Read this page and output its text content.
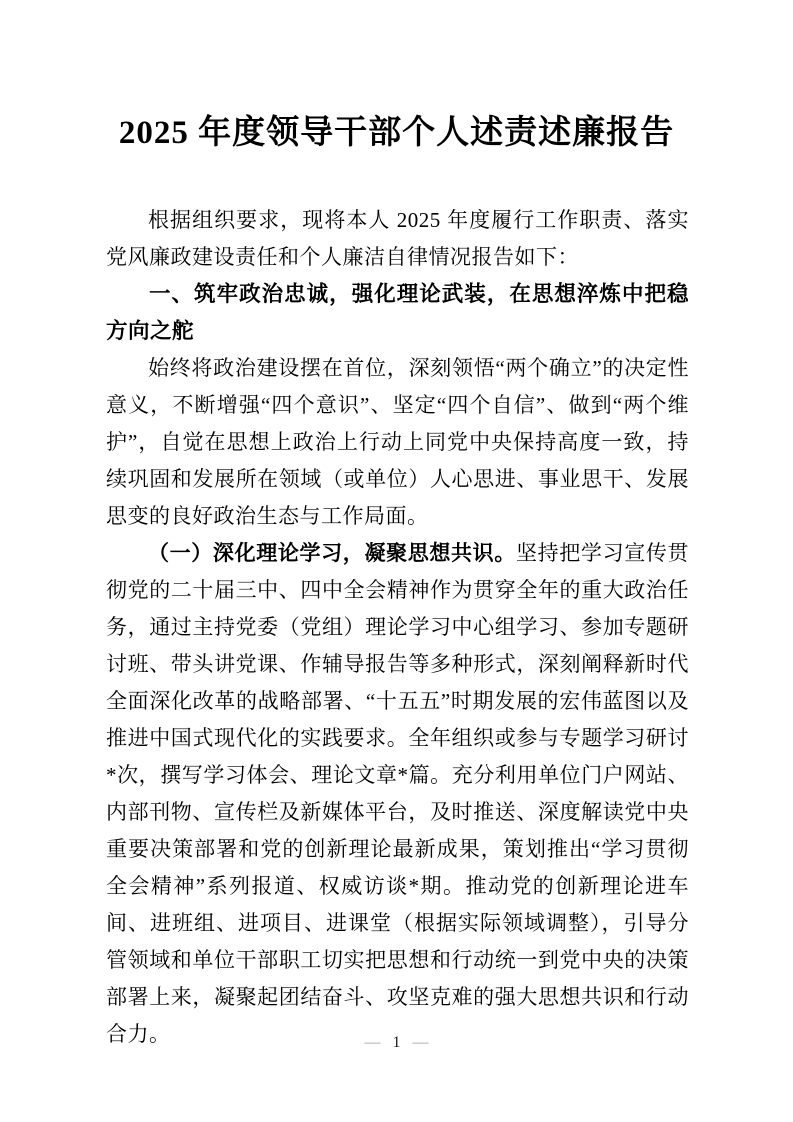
2025 年度领导干部个人述责述廉报告

根据组织要求，现将本人 2025 年度履行工作职责、落实党风廉政建设责任和个人廉洁自律情况报告如下：

一、筑牢政治忠诚，强化理论武装，在思想淬炼中把稳方向之舵

始终将政治建设摆在首位，深刻领悟“两个确立”的决定性意义，不断增强“四个意识”、坚定“四个自信”、做到“两个维护”，自觉在思想上政治上行动上同党中央保持高度一致，持续巩固和发展所在领域（或单位）人心思进、事业思干、发展思变的良好政治生态与工作局面。

（一）深化理论学习，凝聚思想共识。坚持把学习宣传贯彻党的二十届三中、四中全会精神作为贯穿全年的重大政治任务，通过主持党委（党组）理论学习中心组学习、参加专题研讨班、带头讲党课、作辅导报告等多种形式，深刻阐释新时代全面深化改革的战略部署、“十五五”时期发展的宏伟蓝图以及推进中国式现代化的实践要求。全年组织或参与专题学习研讨*次，撰写学习体会、理论文章*篇。充分利用单位门户网站、内部刊物、宣传栏及新媒体平台，及时推送、深度解读党中央重要决策部署和党的创新理论最新成果，策划推出“学习贯彻全会精神”系列报道、权威访谈*期。推动党的创新理论进车间、进班组、进项目、进课堂（根据实际领域调整），引导分管领域和单位干部职工切实把思想和行动统一到党中央的决策部署上来，凝聚起团结奋斗、攻坚克难的强大思想共识和行动合力。	— 1 —
